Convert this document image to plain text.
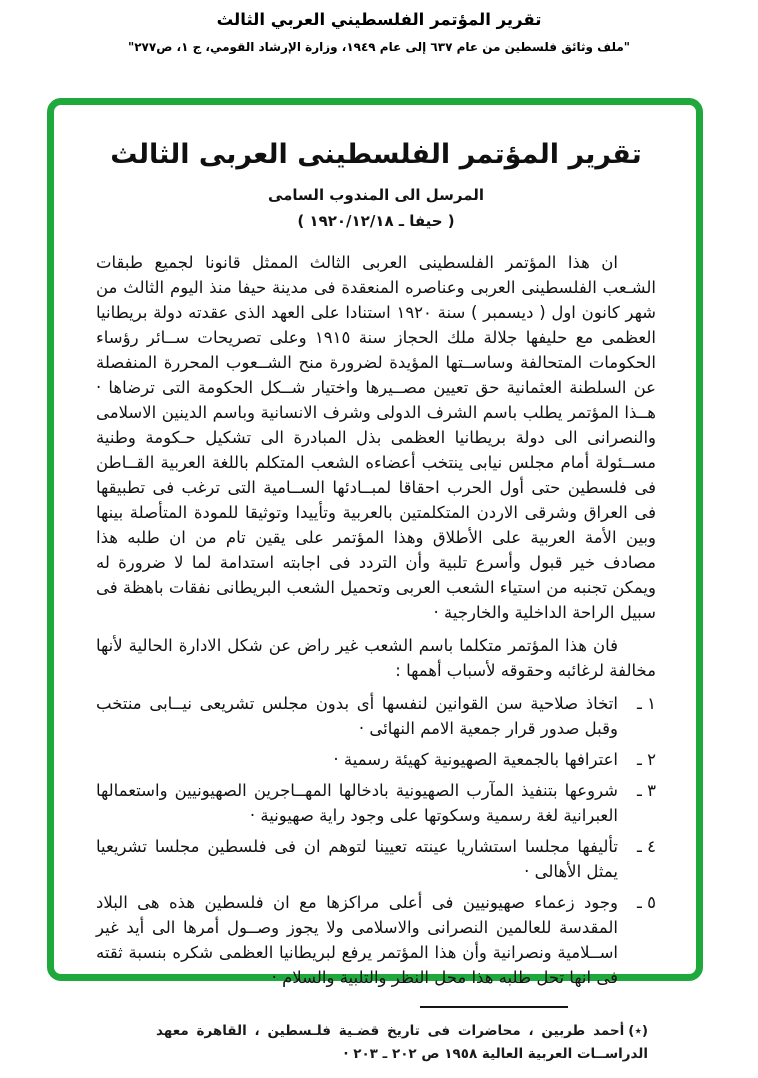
تقرير المؤتمر الفلسطيني العربي الثالث
"ملف وثائق فلسطين من عام ٦٣٧ إلى عام ١٩٤٩، وزارة الإرشاد القومي، ج ١، ص٢٧٧"
تقرير المؤتمر الفلسطينى العربى الثالث
المرسل الى المندوب السامى
( حيفا ـ ١٩٢٠/١٢/١٨ )

ان هذا المؤتمر الفلسطينى العربى الثالث الممثل قانونا لجميع طبقات الشـعب الفلسطينى العربى وعناصره المنعقدة فى مدينة حيفا منذ اليوم الثالث من شهر كانون اول ( ديسمبر ) سنة ١٩٢٠ استنادا على العهد الذى عقدته دولة بريطانيا العظمى مع حليفها جلالة ملك الحجاز سنة ١٩١٥ وعلى تصريحات ســائر رؤساء الحكومات المتحالفة وساســتها المؤيدة لضرورة منح الشــعوب المحررة المنفصلة عن السلطنة العثمانية حق تعيين مصــيرها واختيار شــكل الحكومة التى ترضاها · هــذا المؤتمر يطلب باسم الشرف الدولى وشرف الانسانية وباسم الدينين الاسلامى والنصرانى الى دولة بريطانيا العظمى بذل المبادرة الى تشكيل حـكومة وطنية مســئولة أمام مجلس نيابى ينتخب أعضاءه الشعب المتكلم باللغة العربية القــاطن فى فلسطين حتى أول الحرب احقاقا لمبــادئها الســامية التى ترغب فى تطبيقها فى العراق وشرقى الاردن المتكلمتين بالعربية وتأييدا وتوثيقا للمودة المتأصلة بينها وبين الأمة العربية على الأطلاق وهذا المؤتمر على يقين تام من ان طلبه هذا مصادف خير قبول وأسرع تلبية وأن التردد فى اجابته استدامة لما لا ضرورة له ويمكن تجنبه من استياء الشعب العربى وتحميل الشعب البريطانى نفقات باهظة فى سبيل الراحة الداخلية والخارجية ·

فان هذا المؤتمر متكلما باسم الشعب غير راض عن شكل الادارة الحالية لأنها مخالفة لرغائبه وحقوقه لأسباب أهمها :

١ ـ
اتخاذ صلاحية سن القوانين لنفسها أى بدون مجلس تشريعى نيــابى منتخب وقبل صدور قرار جمعية الامم النهائى ·
٢ ـ
اعترافها بالجمعية الصهيونية كهيئة رسمية ·
٣ ـ
شروعها بتنفيذ المآرب الصهيونية بادخالها المهــاجرين الصهيونيين واستعمالها العبرانية لغة رسمية وسكوتها على وجود راية صهيونية ·
٤ ـ
تأليفها مجلسا استشاريا عينته تعيينا لتوهم ان فى فلسطين مجلسا تشريعيا يمثل الأهالى ·
٥ ـ
وجود زعماء صهيونيين فى أعلى مراكزها مع ان فلسطين هذه هى البلاد المقدسة للعالمين النصرانى والاسلامى ولا يجوز وصــول أمرها الى أيد غير اســلامية ونصرانية وأن هذا المؤتمر يرفع لبريطانيا العظمى شكره بنسبة ثقته فى انها تحل طلبه هذا محل النظر والتلبية والسلام ·

(٭)أحمد طربين ، محاضرات فى تاريخ قضـية فلـسطين ، القاهرة معهد الدراســات العربية العالية ١٩٥٨ ص ٢٠٢ ـ ٢٠٣ ·
